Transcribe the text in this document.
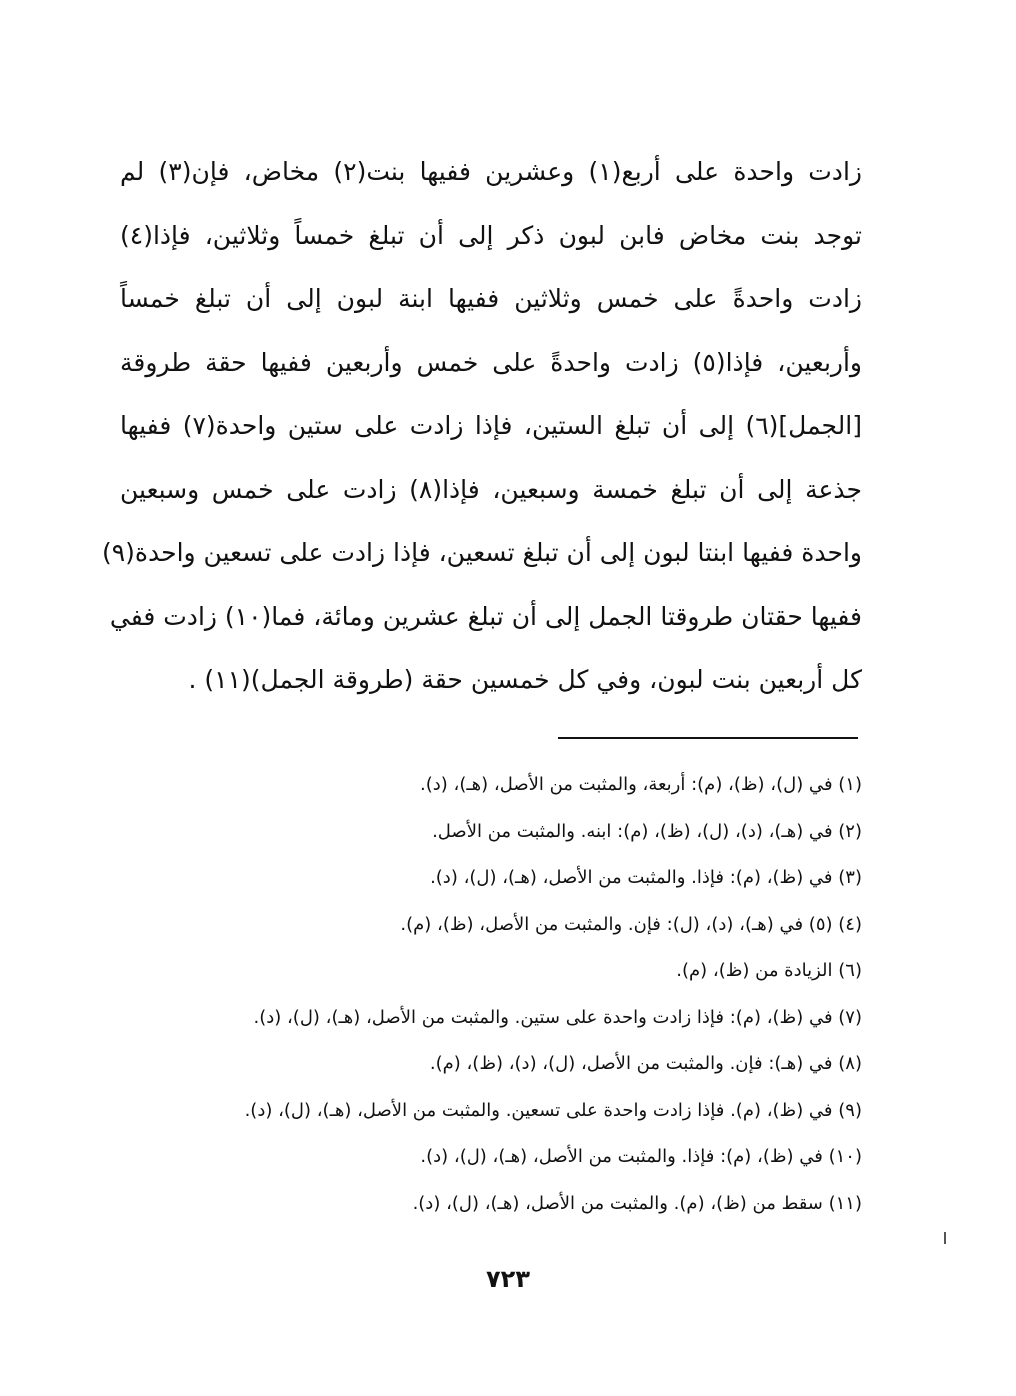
زادت واحدة على أربع(١) وعشرين ففيها بنت(٢) مخاض، فإن(٣) لم
توجد بنت مخاض فابن لبون ذكر إلى أن تبلغ خمساً وثلاثين، فإذا(٤)
زادت واحدةً على خمس وثلاثين ففيها ابنة لبون إلى أن تبلغ خمساً
وأربعين، فإذا(٥) زادت واحدةً على خمس وأربعين ففيها حقة طروقة
[الجمل](٦) إلى أن تبلغ الستين، فإذا زادت على ستين واحدة(٧) ففيها
جذعة إلى أن تبلغ خمسة وسبعين، فإذا(٨) زادت على خمس وسبعين
واحدة ففيها ابنتا لبون إلى أن تبلغ تسعين، فإذا زادت على تسعين واحدة(٩)
ففيها حقتان طروقتا الجمل إلى أن تبلغ عشرين ومائة، فما(١٠) زادت ففي
كل أربعين بنت لبون، وفي كل خمسين حقة (طروقة الجمل)(١١) .
(١) في (ل)، (ظ)، (م): أربعة، والمثبت من الأصل، (هـ)، (د).
(٢) في (هـ)، (د)، (ل)، (ظ)، (م): ابنه. والمثبت من الأصل.
(٣) في (ظ)، (م): فإذا. والمثبت من الأصل، (هـ)، (ل)، (د).
(٤) (٥) في (هـ)، (د)، (ل): فإن. والمثبت من الأصل، (ظ)، (م).
(٦) الزيادة من (ظ)، (م).
(٧) في (ظ)، (م): فإذا زادت واحدة على ستين. والمثبت من الأصل، (هـ)، (ل)، (د).
(٨) في (هـ): فإن. والمثبت من الأصل، (ل)، (د)، (ظ)، (م).
(٩) في (ظ)، (م). فإذا زادت واحدة على تسعين. والمثبت من الأصل، (هـ)، (ل)، (د).
(١٠) في (ظ)، (م): فإذا. والمثبت من الأصل، (هـ)، (ل)، (د).
(١١) سقط من (ظ)، (م). والمثبت من الأصل، (هـ)، (ل)، (د).
٧٢٣
